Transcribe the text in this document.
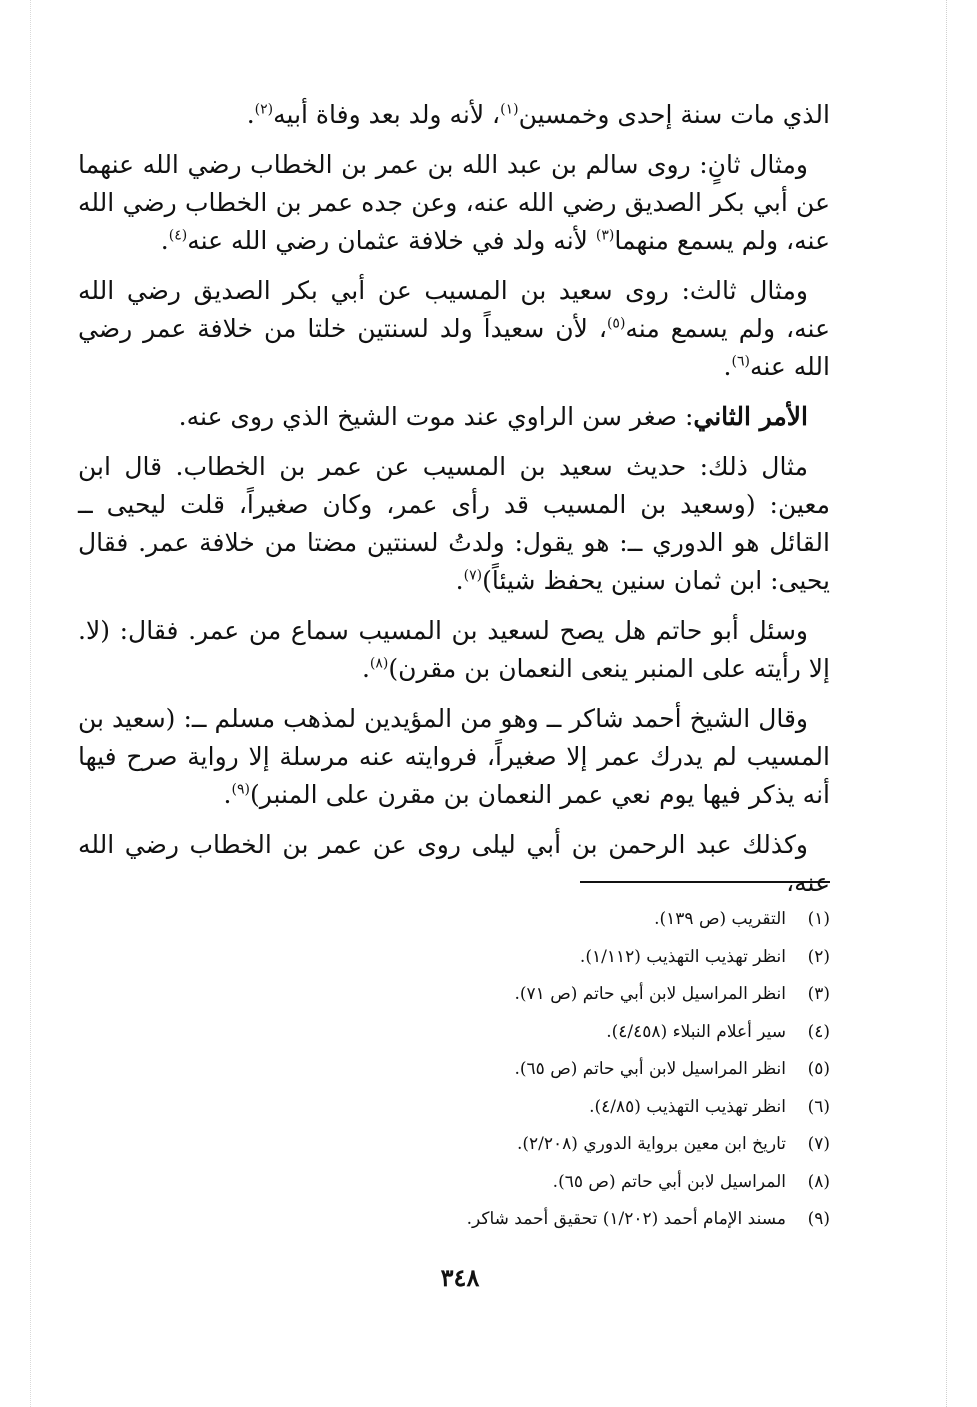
الذي مات سنة إحدى وخمسين$^{(١)}$، لأنه ولد بعد وفاة أبيه$^{(٢)}$.

ومثال ثانٍ: روى سالم بن عبد الله بن عمر بن الخطاب رضي الله عنهما عن أبي بكر الصديق رضي الله عنه، وعن جده عمر بن الخطاب رضي الله عنه، ولم يسمع منهما$^{(٣)}$ لأنه ولد في خلافة عثمان رضي الله عنه$^{(٤)}$.

ومثال ثالث: روى سعيد بن المسيب عن أبي بكر الصديق رضي الله عنه، ولم يسمع منه$^{(٥)}$، لأن سعيداً ولد لسنتين خلتا من خلافة عمر رضي الله عنه$^{(٦)}$.

الأمر الثاني: صغر سن الراوي عند موت الشيخ الذي روى عنه.

مثال ذلك: حديث سعيد بن المسيب عن عمر بن الخطاب. قال ابن معين: (وسعيد بن المسيب قد رأى عمر، وكان صغيراً، قلت ليحيى ــ القائل هو الدوري ــ: هو يقول: ولدتُ لسنتين مضتا من خلافة عمر. فقال يحيى: ابن ثمان سنين يحفظ شيئاً)$^{(٧)}$.

وسئل أبو حاتم هل يصح لسعيد بن المسيب سماع من عمر. فقال: (لا. إلا رأيته على المنبر ينعى النعمان بن مقرن)$^{(٨)}$.

وقال الشيخ أحمد شاكر ــ وهو من المؤيدين لمذهب مسلم ــ: (سعيد بن المسيب لم يدرك عمر إلا صغيراً، فروايته عنه مرسلة إلا رواية صرح فيها أنه يذكر فيها يوم نعي عمر النعمان بن مقرن على المنبر)$^{(٩)}$.

وكذلك عبد الرحمن بن أبي ليلى روى عن عمر بن الخطاب رضي الله عنه،

(١)
التقريب (ص ١٣٩).
(٢)
انظر تهذيب التهذيب (١/١١٢).
(٣)
انظر المراسيل لابن أبي حاتم (ص ٧١).
(٤)
سير أعلام النبلاء (٤/٤٥٨).
(٥)
انظر المراسيل لابن أبي حاتم (ص ٦٥).
(٦)
انظر تهذيب التهذيب (٤/٨٥).
(٧)
تاريخ ابن معين برواية الدوري (٢/٢٠٨).
(٨)
المراسيل لابن أبي حاتم (ص ٦٥).
(٩)
مسند الإمام أحمد (١/٢٠٢) تحقيق أحمد شاكر.
٣٤٨
